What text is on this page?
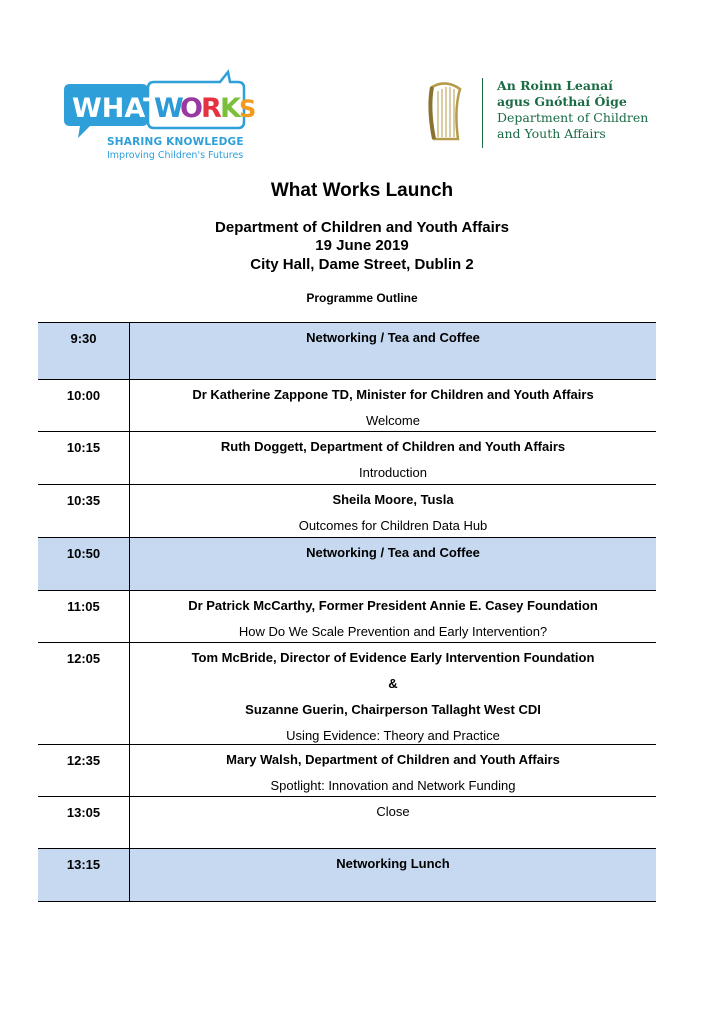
WHAT
W
O
R
K
S
SHARING KNOWLEDGE
Improving Children's Futures
An Roinn Leanaí
agus Gnóthaí Óige
Department of Children
and Youth Affairs
What Works Launch
Department of Children and Youth Affairs
19 June 2019
City Hall, Dame Street, Dublin 2
Programme Outline
9:30	Networking / Tea and Coffee
10:00	Dr Katherine Zappone TD, Minister for Children and Youth Affairs
Welcome
10:15	Ruth Doggett, Department of Children and Youth Affairs
Introduction
10:35	Sheila Moore, Tusla
Outcomes for Children Data Hub
10:50	Networking / Tea and Coffee
11:05	Dr Patrick McCarthy, Former President Annie E. Casey Foundation
How Do We Scale Prevention and Early Intervention?
12:05	Tom McBride, Director of Evidence Early Intervention Foundation
&
Suzanne Guerin, Chairperson Tallaght West CDI
Using Evidence: Theory and Practice
12:35	Mary Walsh, Department of Children and Youth Affairs
Spotlight: Innovation and Network Funding
13:05	Close
13:15	Networking Lunch
